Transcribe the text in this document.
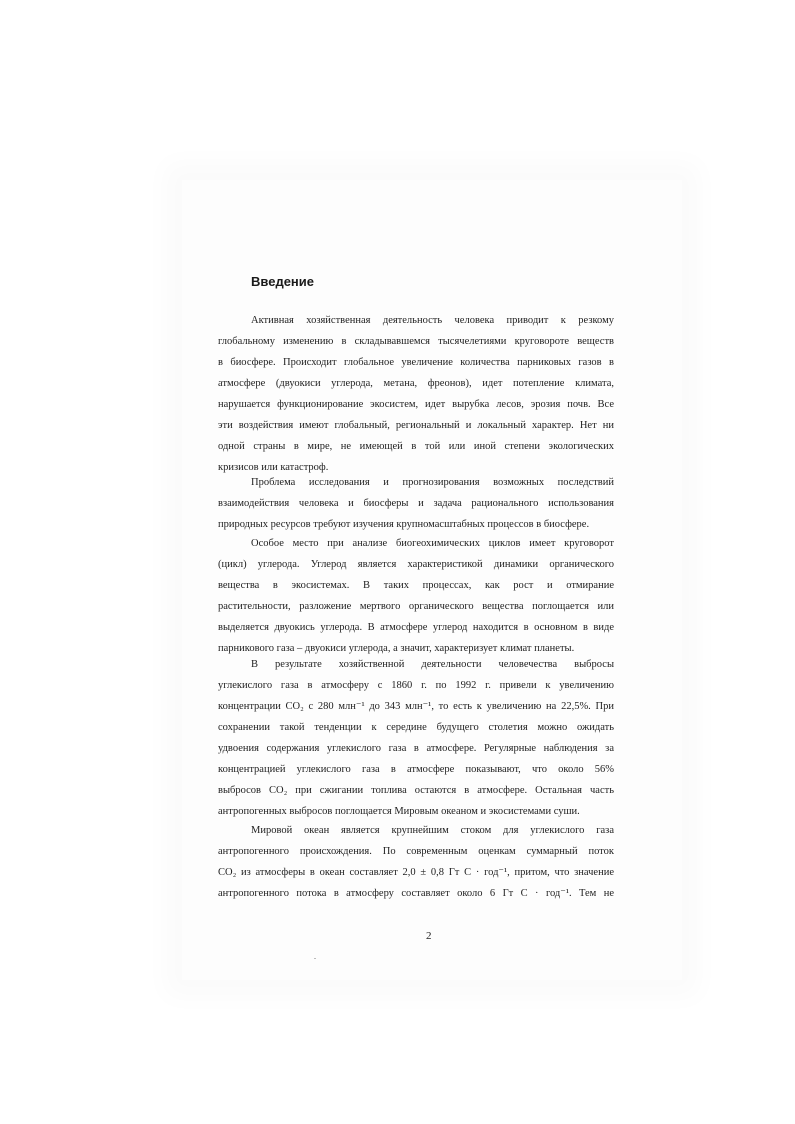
Введение
Активная хозяйственная деятельность человека приводит к резкому
глобальному изменению в складывавшемся тысячелетиями круговороте веществ
в биосфере. Происходит глобальное увеличение количества парниковых газов в
атмосфере (двуокиси углерода, метана, фреонов), идет потепление климата,
нарушается функционирование экосистем, идет вырубка лесов, эрозия почв. Все
эти воздействия имеют глобальный, региональный и локальный характер. Нет ни
одной страны в мире, не имеющей в той или иной степени экологических
кризисов или катастроф.
Проблема исследования и прогнозирования возможных последствий
взаимодействия человека и биосферы и задача рационального использования
природных ресурсов требуют изучения крупномасштабных процессов в биосфере.
Особое место при анализе биогеохимических циклов имеет круговорот
(цикл) углерода. Углерод является характеристикой динамики органического
вещества в экосистемах. В таких процессах, как рост и отмирание
растительности, разложение мертвого органического вещества поглощается или
выделяется двуокись углерода. В атмосфере углерод находится в основном в виде
парникового газа – двуокиси углерода, а значит, характеризует климат планеты.
В результате хозяйственной деятельности человечества выбросы
углекислого газа в атмосферу с 1860 г. по 1992 г. привели к увеличению
концентрации CO₂ с 280 млн⁻¹ до 343 млн⁻¹, то есть к увеличению на 22,5%. При
сохранении такой тенденции к середине будущего столетия можно ожидать
удвоения содержания углекислого газа в атмосфере. Регулярные наблюдения за
концентрацией углекислого газа в атмосфере показывают, что около 56%
выбросов CO₂ при сжигании топлива остаются в атмосфере. Остальная часть
антропогенных выбросов поглощается Мировым океаном и экосистемами суши.
Мировой океан является крупнейшим стоком для углекислого газа
антропогенного происхождения. По современным оценкам суммарный поток
CO₂ из атмосферы в океан составляет 2,0 ± 0,8 Гт C · год⁻¹, притом, что значение
антропогенного потока в атмосферу составляет около 6 Гт C · год⁻¹. Тем не
2
